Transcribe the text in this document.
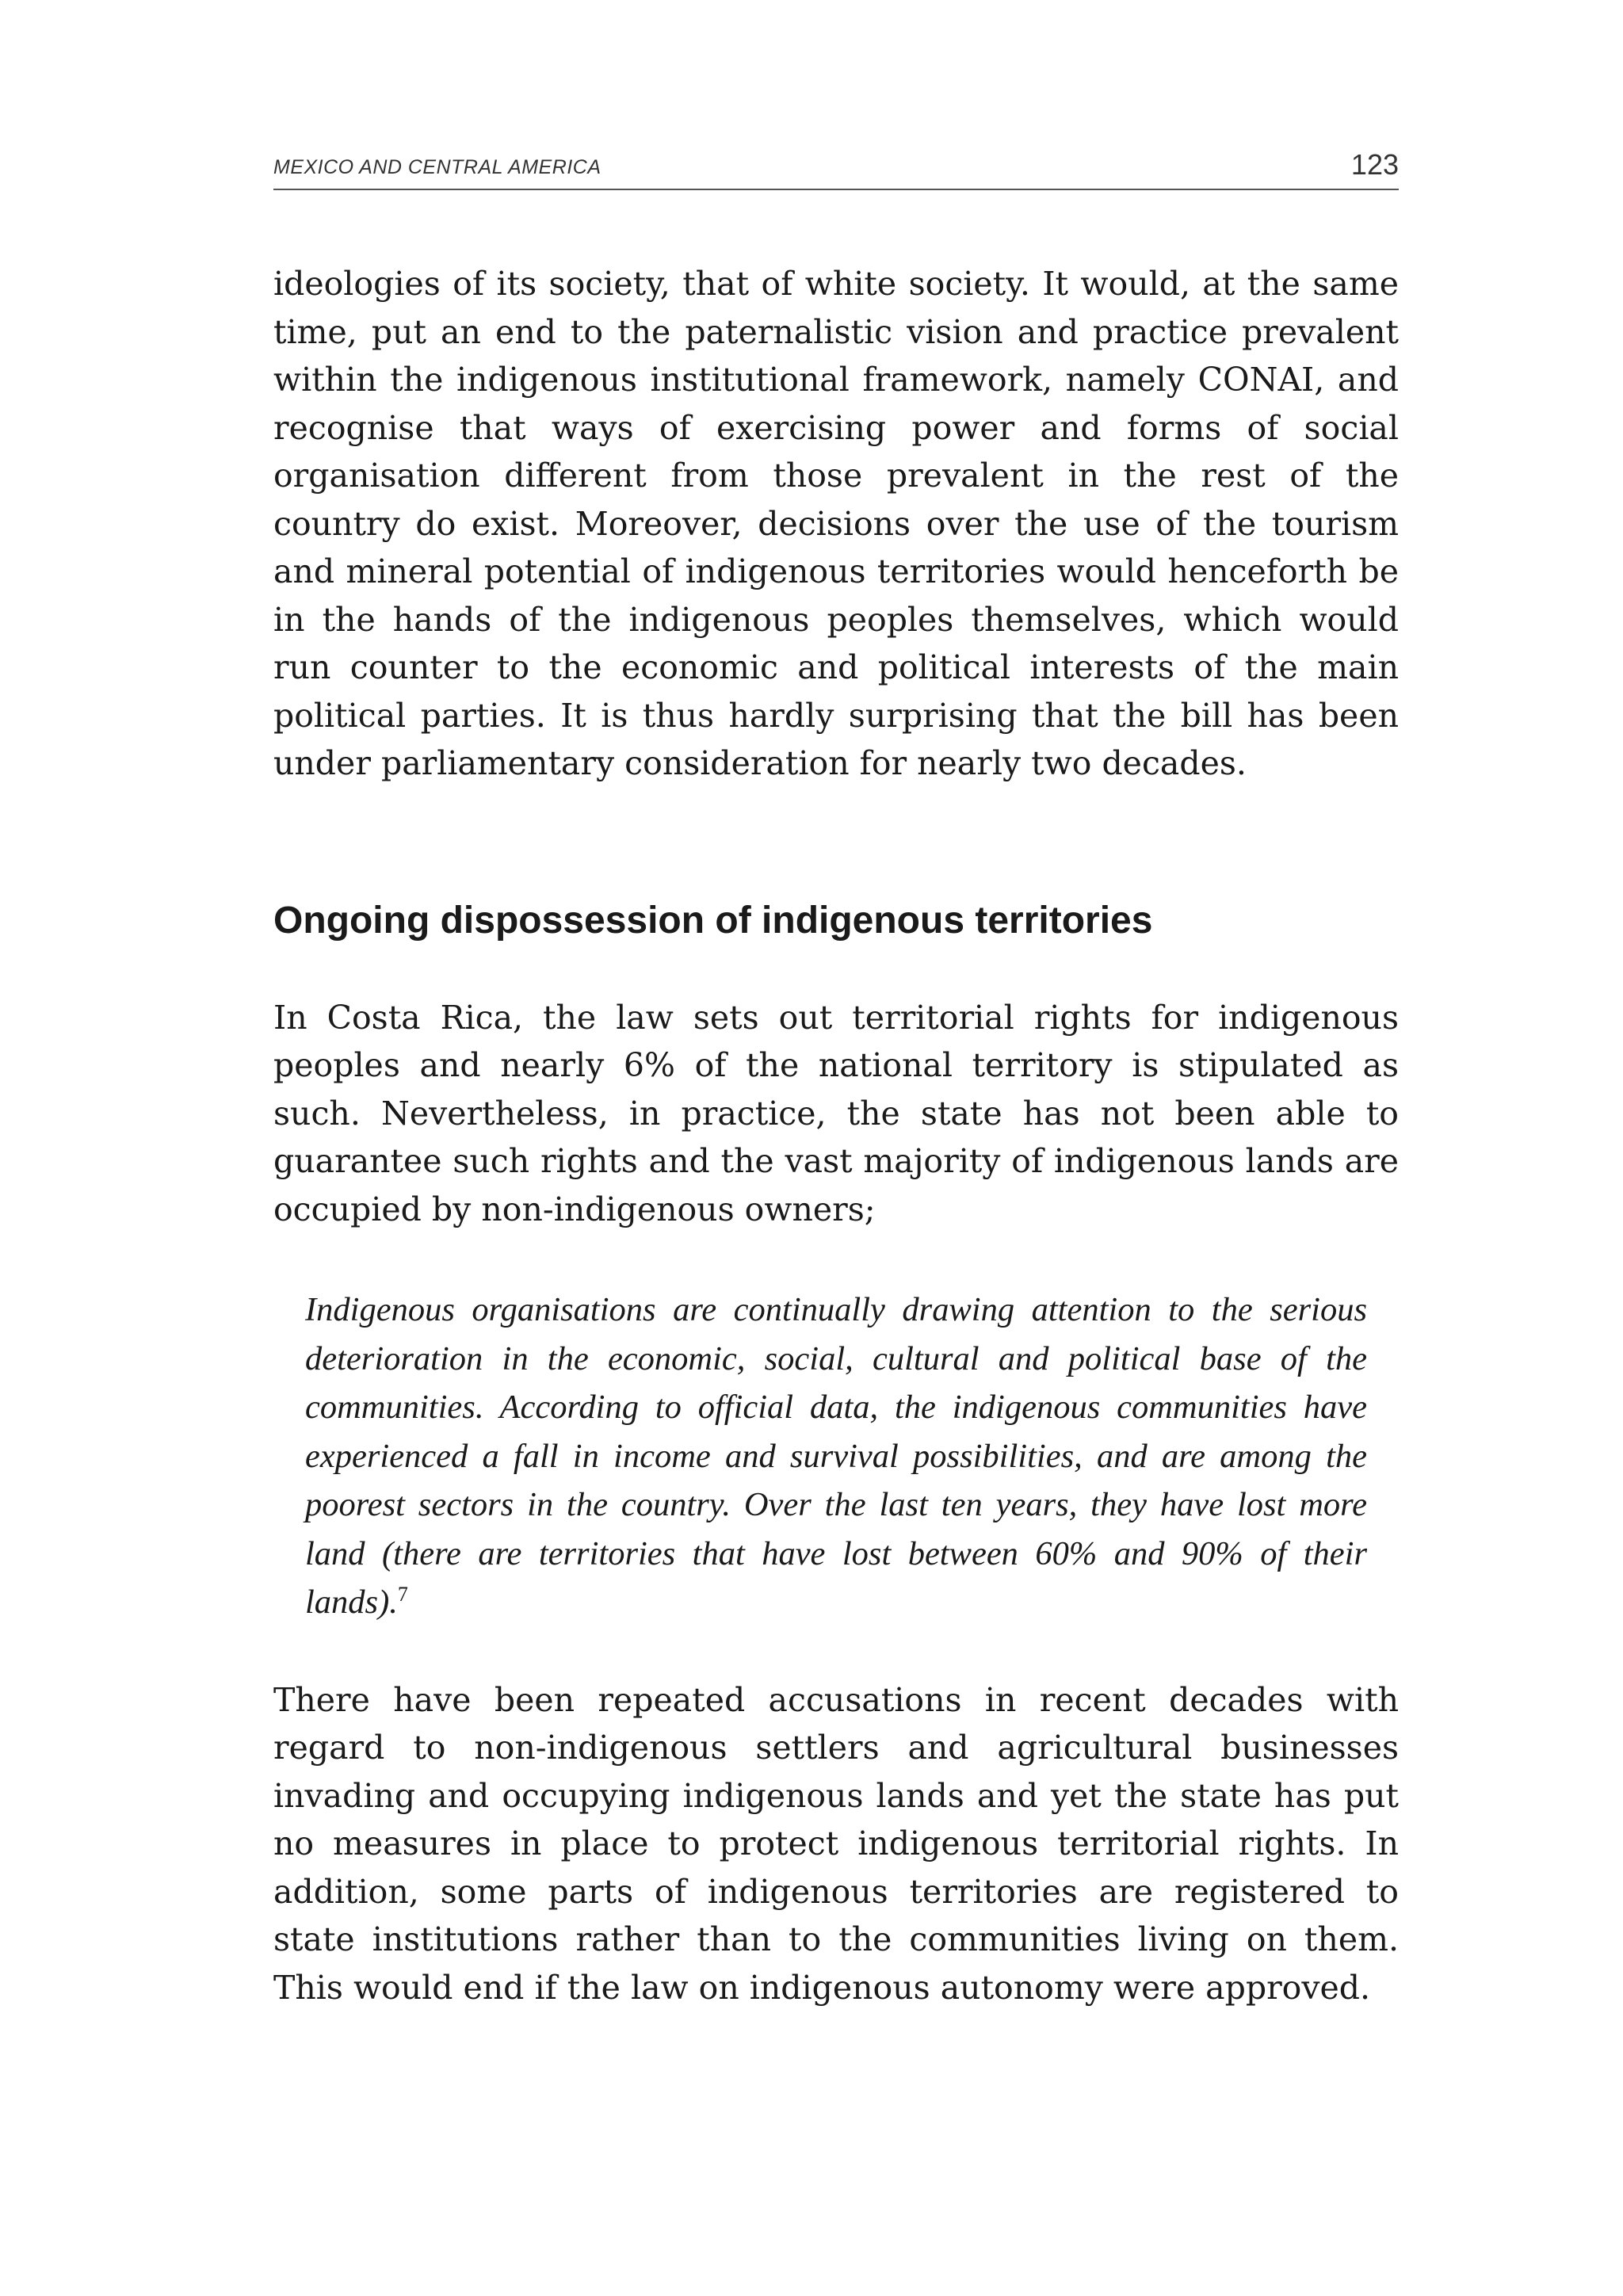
MEXICO AND CENTRAL AMERICA	123

ideologies of its society, that of white society. It would, at the same time, put an end to the paternalistic vision and practice prevalent within the indigenous institutional framework, namely CONAI, and recognise that ways of exercising power and forms of social organisation different from those prevalent in the rest of the country do exist. Moreover, decisions over the use of the tourism and mineral potential of indigenous territories would henceforth be in the hands of the indigenous peoples themselves, which would run counter to the economic and political interests of the main political parties. It is thus hardly surprising that the bill has been under parliamentary consideration for nearly two decades.

Ongoing dispossession of indigenous territories

In Costa Rica, the law sets out territorial rights for indigenous peoples and nearly 6% of the national territory is stipulated as such. Nevertheless, in practice, the state has not been able to guarantee such rights and the vast majority of indigenous lands are occupied by non-indigenous owners;

Indigenous organisations are continually drawing attention to the serious deterioration in the economic, social, cultural and political base of the communities. According to official data, the indigenous communities have experienced a fall in income and survival possibilities, and are among the poorest sectors in the country. Over the last ten years, they have lost more land (there are territories that have lost between 60% and 90% of their lands).$^7$

There have been repeated accusations in recent decades with regard to non-indigenous settlers and agricultural businesses invading and occupying indigenous lands and yet the state has put no measures in place to protect indigenous territorial rights. In addition, some parts of indigenous territories are registered to state institutions rather than to the communities living on them. This would end if the law on indigenous autonomy were approved.
